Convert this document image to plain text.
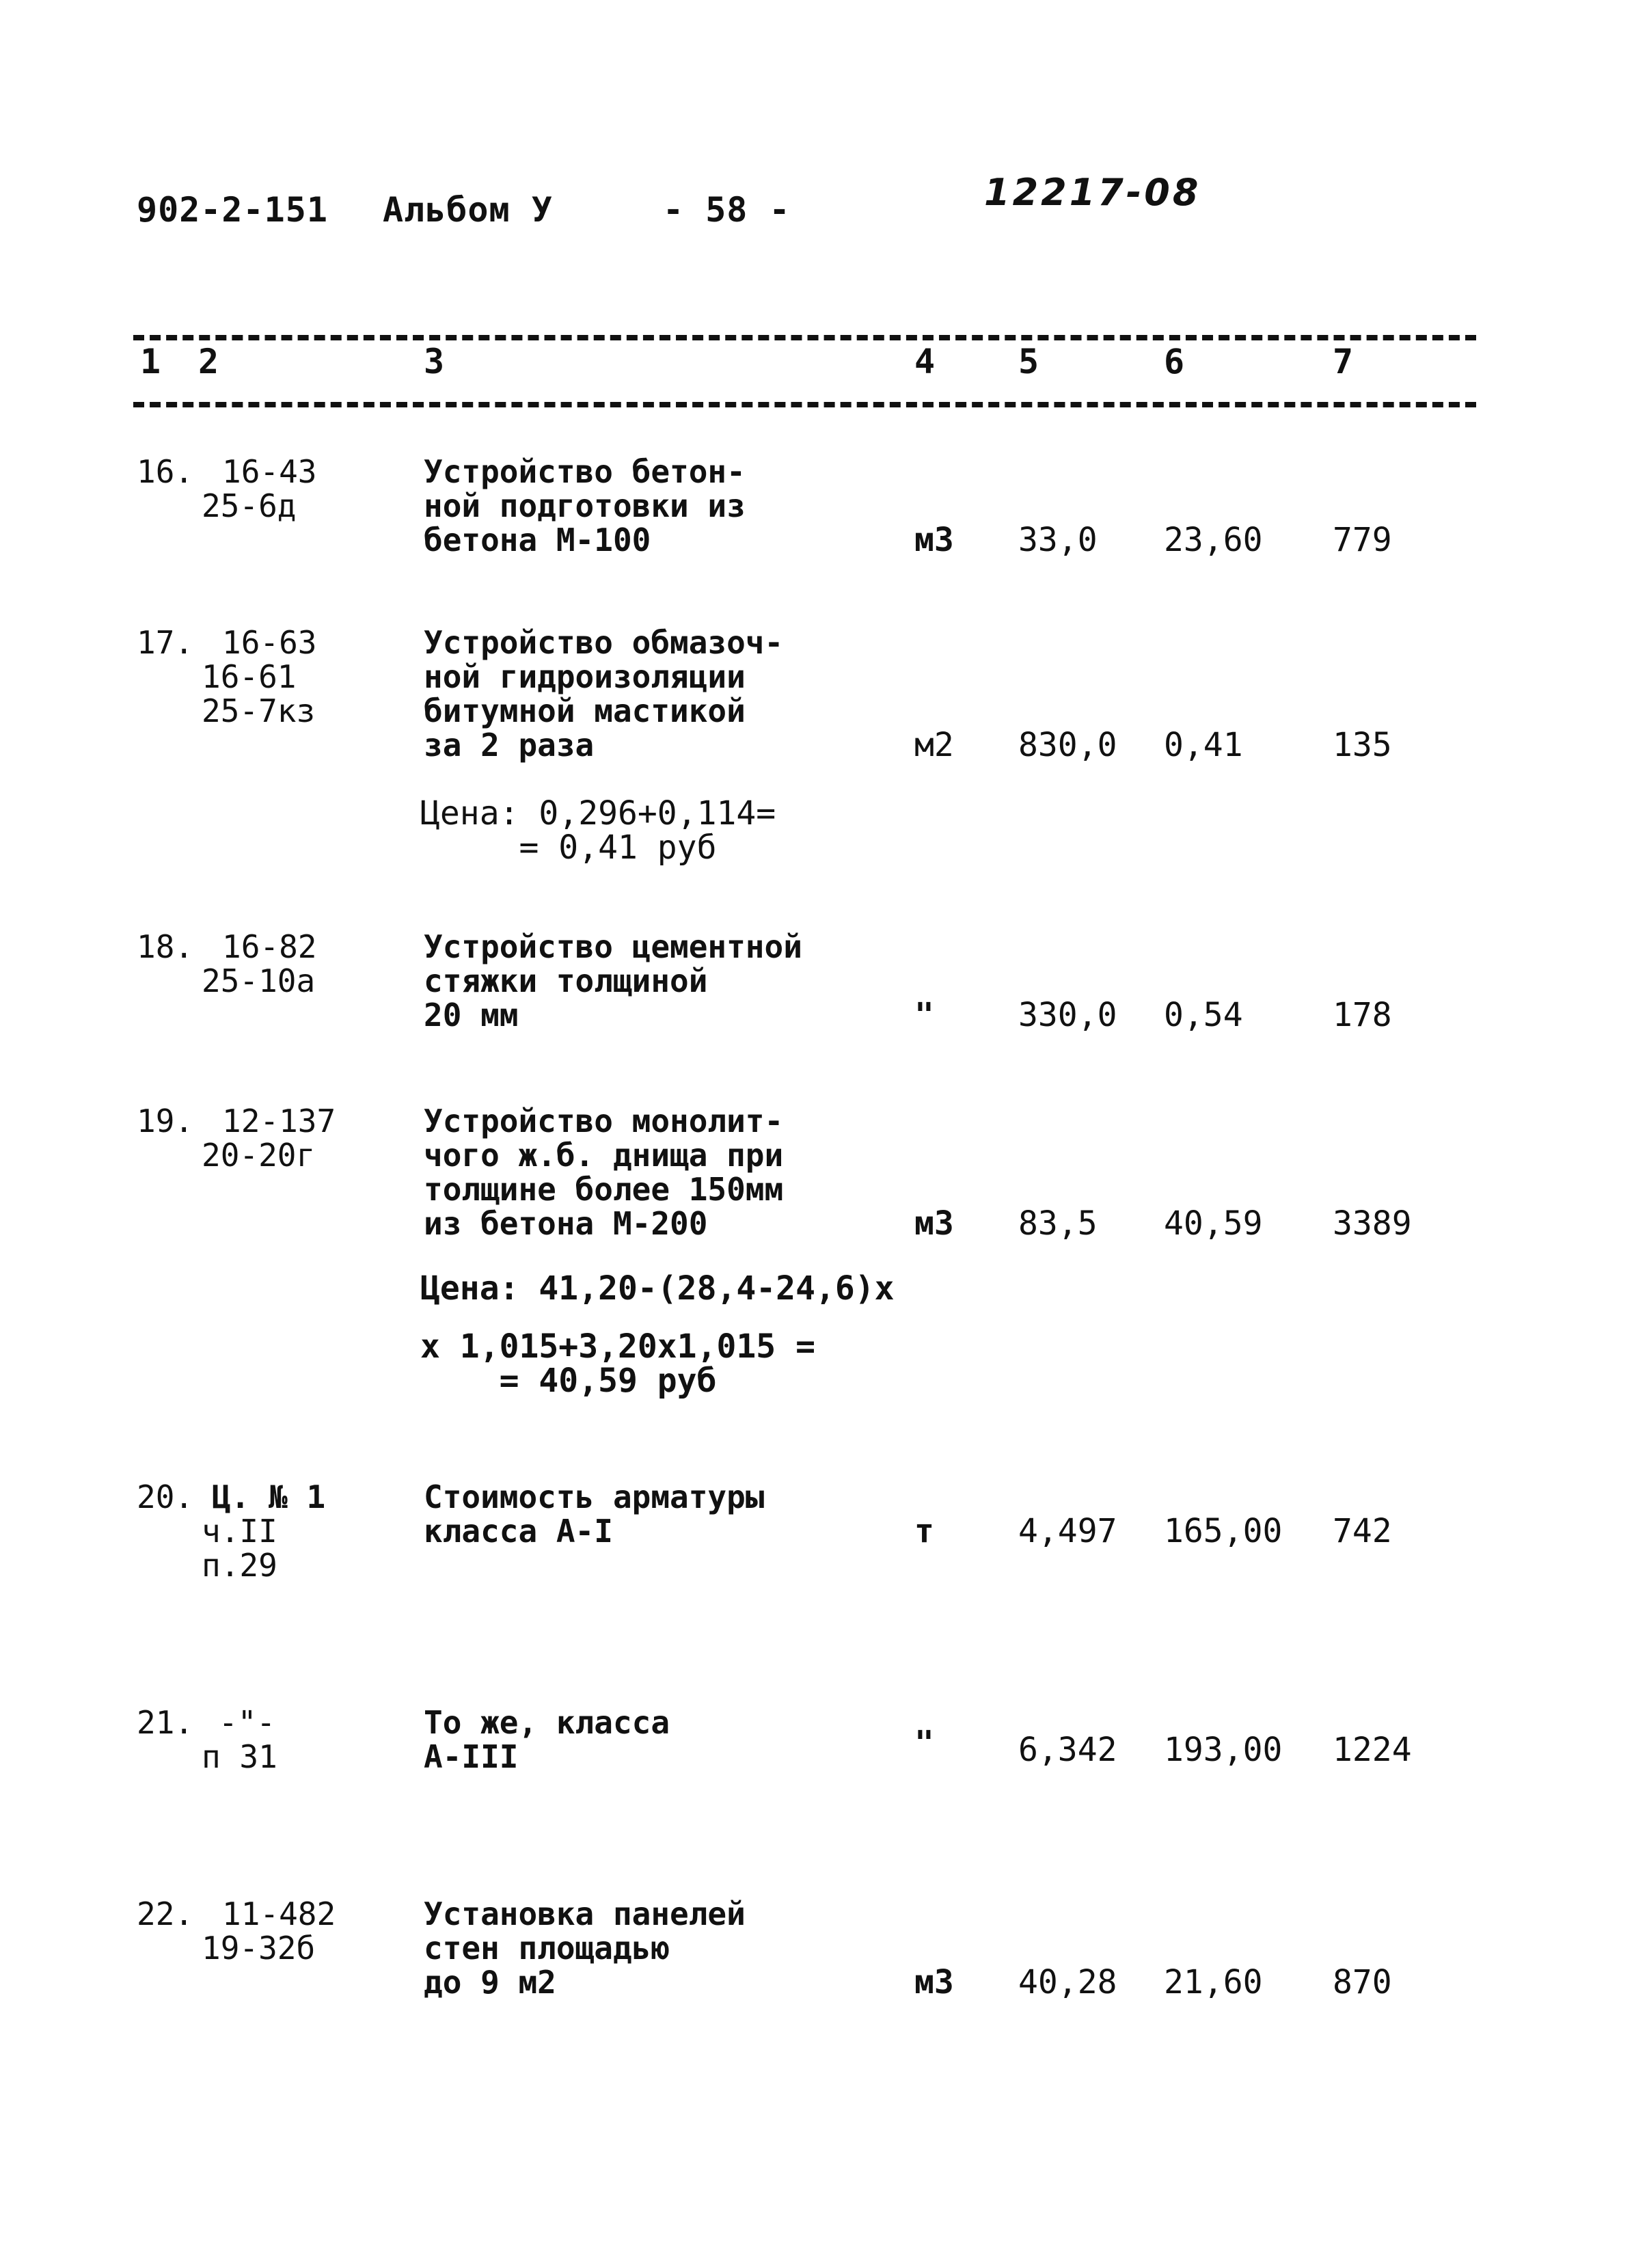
902-2-151 Альбом У	- 58 -	12217-08
1 2	3	4 5	6	7
16. 16-43
25-6д
Устройство бетон-
ной подготовки из
бетона М-100	м3 33,0 23,60 779
17. 16-63
16-61
25-7кз
Устройство обмазоч-
ной гидроизоляции
битумной мастикой
за 2 раза	м2 830,0 0,41	135
Цена: 0,296+0,114=
= 0,41 руб
18. 16-82
25-10а
Устройство цементной
стяжки толщиной
20 мм	"	330,0 0,54	178
19. 12-137
20-20г
Устройство монолит-
чого ж.б. днища при
толщине более 150мм
из бетона М-200	м3 83,5 40,59 3389
Цена: 41,20-(28,4-24,6)х
х 1,015+3,20х1,015 =
= 40,59 руб
20. Ц. № 1
ч.II
п.29
Стоимость арматуры
класса А-I	т	4,497 165,00 742
21. -"-
п 31
То же, класса
А-III	"	6,342 193,00 1224
22. 11-482
19-32б
Установка панелей
стен площадью
до 9 м2	м3 40,28 21,60 870
